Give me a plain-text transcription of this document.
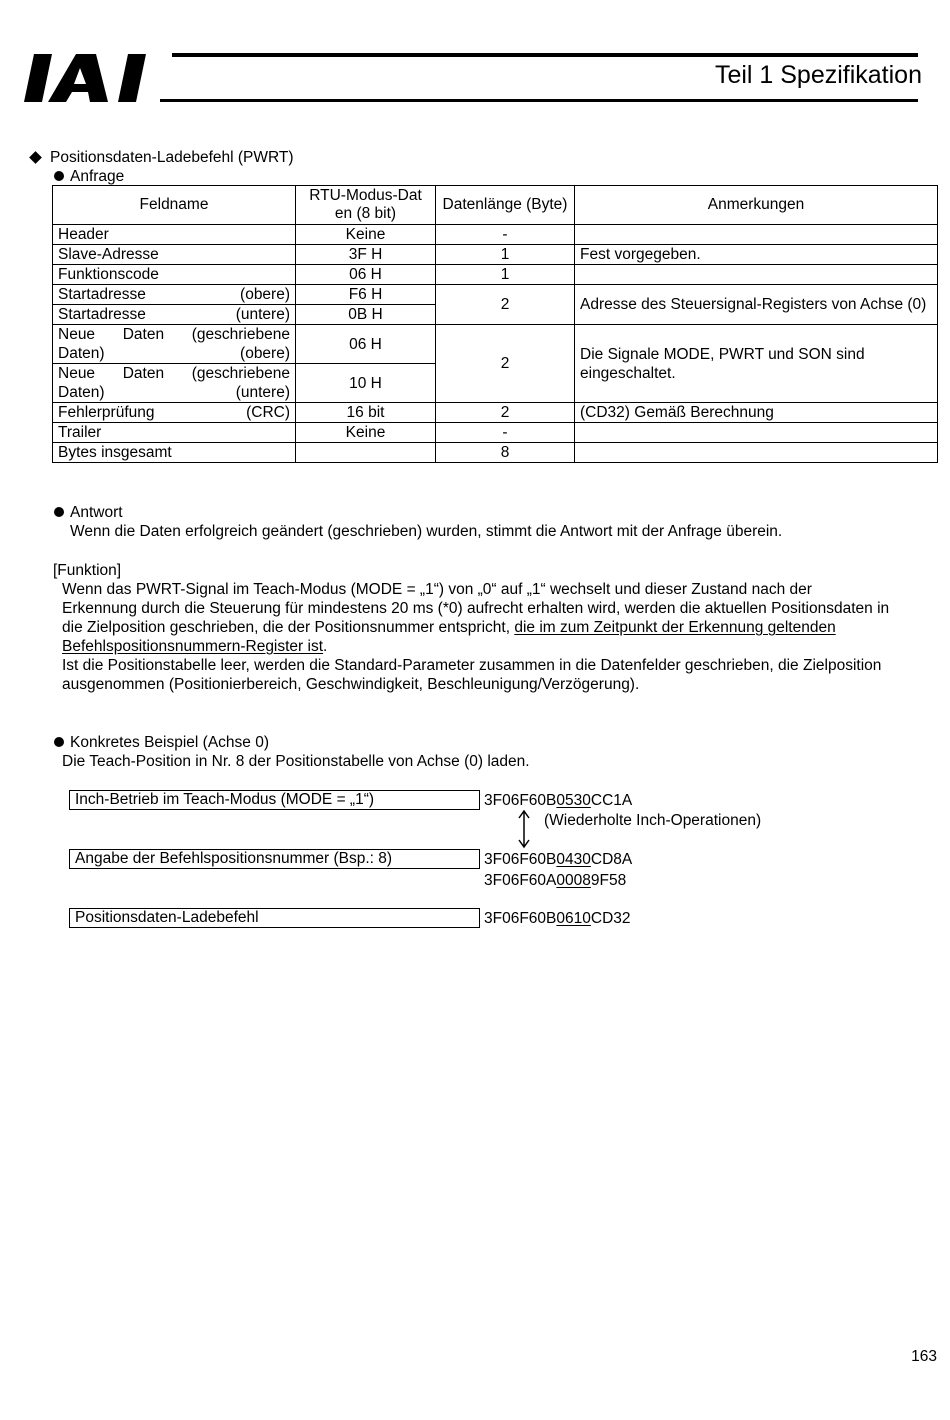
Teil 1 Spezifikation
Positionsdaten-Ladebefehl (PWRT)
Anfrage
Feldname	RTU-Modus-Dat en (8 bit)	Datenlänge (Byte)	Anmerkungen
Header	Keine	-	
Slave-Adresse	3F H	1	Fest vorgegeben.
Funktionscode	06 H	1	

Startadresse (obere)	F6 H	2	Adresse des Steuersignal-Registers von Achse (0)

Startadresse (untere)	0B H		

Neue Daten (geschriebene
Daten) (obere)	06 H	2	Die Signale MODE, PWRT und SON sind eingeschaltet.

Neue Daten (geschriebene
Daten) (untere)	10 H		

Fehlerprüfung (CRC)	16 bit	2	(CD32) Gemäß Berechnung
Trailer	Keine	-	
Bytes insgesamt		8	
Antwort
Wenn die Daten erfolgreich geändert (geschrieben) wurden, stimmt die Antwort mit der Anfrage überein.
[Funktion]
Wenn das PWRT-Signal im Teach-Modus (MODE = „1“) von „0“ auf „1“ wechselt und dieser Zustand nach der
Erkennung durch die Steuerung für mindestens 20 ms (*0) aufrecht erhalten wird, werden die aktuellen Positionsdaten in
die Zielposition geschrieben, die der Positionsnummer entspricht, die im zum Zeitpunkt der Erkennung geltenden
Befehlspositionsnummern-Register ist.
Ist die Positionstabelle leer, werden die Standard-Parameter zusammen in die Datenfelder geschrieben, die Zielposition
ausgenommen (Positionierbereich, Geschwindigkeit, Beschleunigung/Verzögerung).
Konkretes Beispiel (Achse 0)
Die Teach-Position in Nr. 8 der Positionstabelle von Achse (0) laden.
Inch-Betrieb im Teach-Modus (MODE = „1“)	3F06F60B0530CC1A
(Wiederholte Inch-Operationen)
Angabe der Befehlspositionsnummer (Bsp.: 8)	3F06F60B0430CD8A
3F06F60A00089F58
Positionsdaten-Ladebefehl	3F06F60B0610CD32
163
